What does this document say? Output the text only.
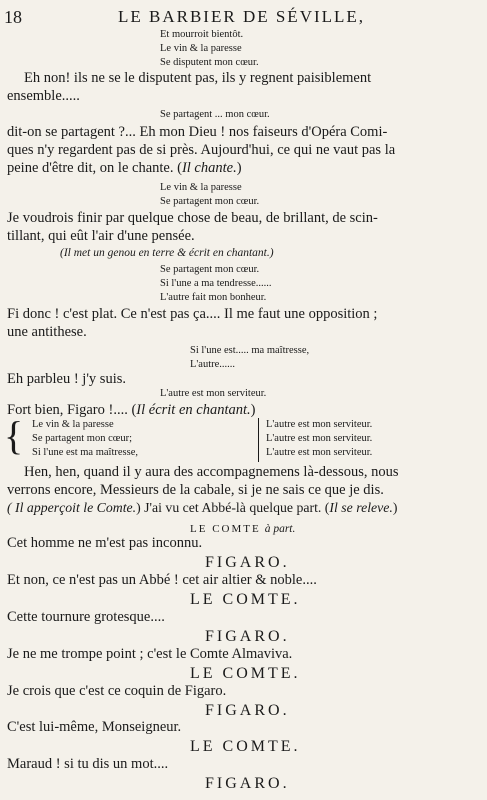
18	LE BARBIER DE SÉVILLE,
Et mourroit bientôt.
Le vin & la paresse
Se disputent mon cœur.
Eh non! ils ne se le disputent pas, ils y regnent paisiblement
ensemble.....
Se partagent ... mon cœur.
dit-on se partagent ?... Eh mon Dieu ! nos faiseurs d'Opéra Comi-
ques n'y regardent pas de si près. Aujourd'hui, ce qui ne vaut pas la
peine d'être dit, on le chante. (Il chante.)
Le vin & la paresse
Se partagent mon cœur.
Je voudrois finir par quelque chose de beau, de brillant, de scin-
tillant, qui eût l'air d'une pensée.
(Il met un genou en terre & écrit en chantant.)
Se partagent mon cœur.
Si l'une a ma tendresse......
L'autre fait mon bonheur.
Fi donc ! c'est plat. Ce n'est pas ça.... Il me faut une opposition ;
une antithese.
Si l'une est..... ma maîtresse,
L'autre......
Eh parbleu ! j'y suis.
L'autre est mon serviteur.
Fort bien, Figaro !.... (Il écrit en chantant.)
{ Le vin & la paresse
Se partagent mon cœur;
Si l'une est ma maîtresse,
L'autre est mon serviteur.
L'autre est mon serviteur.
L'autre est mon serviteur.
Hen, hen, quand il y aura des accompagnemens là-dessous, nous
verrons encore, Messieurs de la cabale, si je ne sais ce que je dis.
( Il apperçoit le Comte.) J'ai vu cet Abbé-là quelque part. (Il se releve.)
LE COMTE à part.
Cet homme ne m'est pas inconnu.
FIGARO.
Et non, ce n'est pas un Abbé ! cet air altier & noble....
LE COMTE.
Cette tournure grotesque....
FIGARO.
Je ne me trompe point ; c'est le Comte Almaviva.
LE COMTE.
Je crois que c'est ce coquin de Figaro.
FIGARO.
C'est lui-même, Monseigneur.
LE COMTE.
Maraud ! si tu dis un mot....
FIGARO.
